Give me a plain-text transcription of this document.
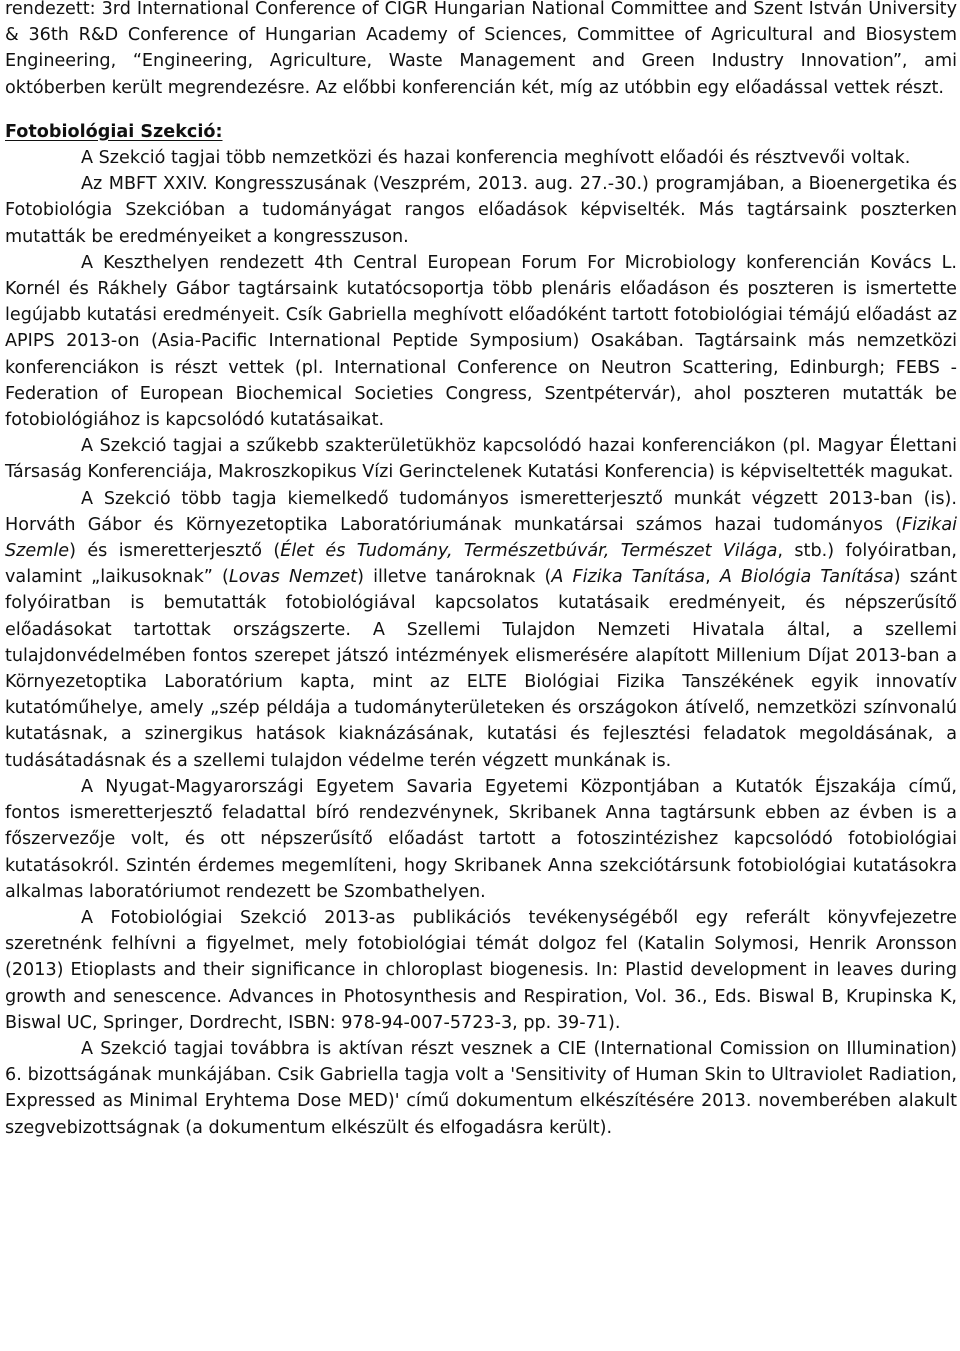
rendezett: 3rd International Conference of CIGR Hungarian National Committee and Szent István University & 36th R&D Conference of Hungarian Academy of Sciences, Committee of Agricultural and Biosystem Engineering, “Engineering, Agriculture, Waste Management and Green Industry Innovation”, ami októberben került megrendezésre. Az előbbi konferencián két, míg az utóbbin egy előadással vettek részt.

Fotobiológiai Szekció:

A Szekció tagjai több nemzetközi és hazai konferencia meghívott előadói és résztvevői voltak.

Az MBFT XXIV. Kongresszusának (Veszprém, 2013. aug. 27.-30.) programjában, a Bioenergetika és Fotobiológia Szekcióban a tudományágat rangos előadások képviselték. Más tagtársaink poszterken mutatták be eredményeiket a kongresszuson.

A Keszthelyen rendezett 4th Central European Forum For Microbiology konferencián Kovács L. Kornél és Rákhely Gábor tagtársaink kutatócsoportja több plenáris előadáson és poszteren is ismertette legújabb kutatási eredményeit. Csík Gabriella meghívott előadóként tartott fotobiológiai témájú előadást az APIPS 2013-on (Asia-Pacific International Peptide Symposium) Osakában. Tagtársaink más nemzetközi konferenciákon is részt vettek (pl. International Conference on Neutron Scattering, Edinburgh; FEBS - Federation of European Biochemical Societies Congress, Szentpétervár), ahol poszteren mutatták be fotobiológiához is kapcsolódó kutatásaikat.

A Szekció tagjai a szűkebb szakterületükhöz kapcsolódó hazai konferenciákon (pl. Magyar Élettani Társaság Konferenciája, Makroszkopikus Vízi Gerinctelenek Kutatási Konferencia) is képviseltették magukat.

A Szekció több tagja kiemelkedő tudományos ismeretterjesztő munkát végzett 2013-ban (is). Horváth Gábor és Környezetoptika Laboratóriumának munkatársai számos hazai tudományos (Fizikai Szemle) és ismeretterjesztő (Élet és Tudomány, Természetbúvár, Természet Világa, stb.) folyóiratban, valamint „laikusoknak” (Lovas Nemzet) illetve tanároknak (A Fizika Tanítása, A Biológia Tanítása) szánt folyóiratban is bemutatták fotobiológiával kapcsolatos kutatásaik eredményeit, és népszerűsítő előadásokat tartottak országszerte. A Szellemi Tulajdon Nemzeti Hivatala által, a szellemi tulajdonvédelmében fontos szerepet játszó intézmények elismerésére alapított Millenium Díjat 2013-ban a Környezetoptika Laboratórium kapta, mint az ELTE Biológiai Fizika Tanszékének egyik innovatív kutatóműhelye, amely „szép példája a tudományterületeken és országokon átívelő, nemzetközi színvonalú kutatásnak, a szinergikus hatások kiaknázásának, kutatási és fejlesztési feladatok megoldásának, a tudásátadásnak és a szellemi tulajdon védelme terén végzett munkának is.

A Nyugat-Magyarországi Egyetem Savaria Egyetemi Központjában a Kutatók Éjszakája című, fontos ismeretterjesztő feladattal bíró rendezvénynek, Skribanek Anna tagtársunk ebben az évben is a főszervezője volt, és ott népszerűsítő előadást tartott a fotoszintézishez kapcsolódó fotobiológiai kutatásokról. Szintén érdemes megemlíteni, hogy Skribanek Anna szekciótársunk fotobiológiai kutatásokra alkalmas laboratóriumot rendezett be Szombathelyen.

A Fotobiológiai Szekció 2013-as publikációs tevékenységéből egy referált könyvfejezetre szeretnénk felhívni a figyelmet, mely fotobiológiai témát dolgoz fel (Katalin Solymosi, Henrik Aronsson (2013) Etioplasts and their significance in chloroplast biogenesis. In: Plastid development in leaves during growth and senescence. Advances in Photosynthesis and Respiration, Vol. 36., Eds. Biswal B, Krupinska K, Biswal UC, Springer, Dordrecht, ISBN: 978-94-007-5723-3, pp. 39-71).

A Szekció tagjai továbbra is aktívan részt vesznek a CIE (International Comission on Illumination) 6. bizottságának munkájában. Csik Gabriella tagja volt a 'Sensitivity of Human Skin to Ultraviolet Radiation, Expressed as Minimal Eryhtema Dose MED)' című dokumentum elkészítésére 2013. novemberében alakult szegvebizottságnak (a dokumentum elkészült és elfogadásra került).
